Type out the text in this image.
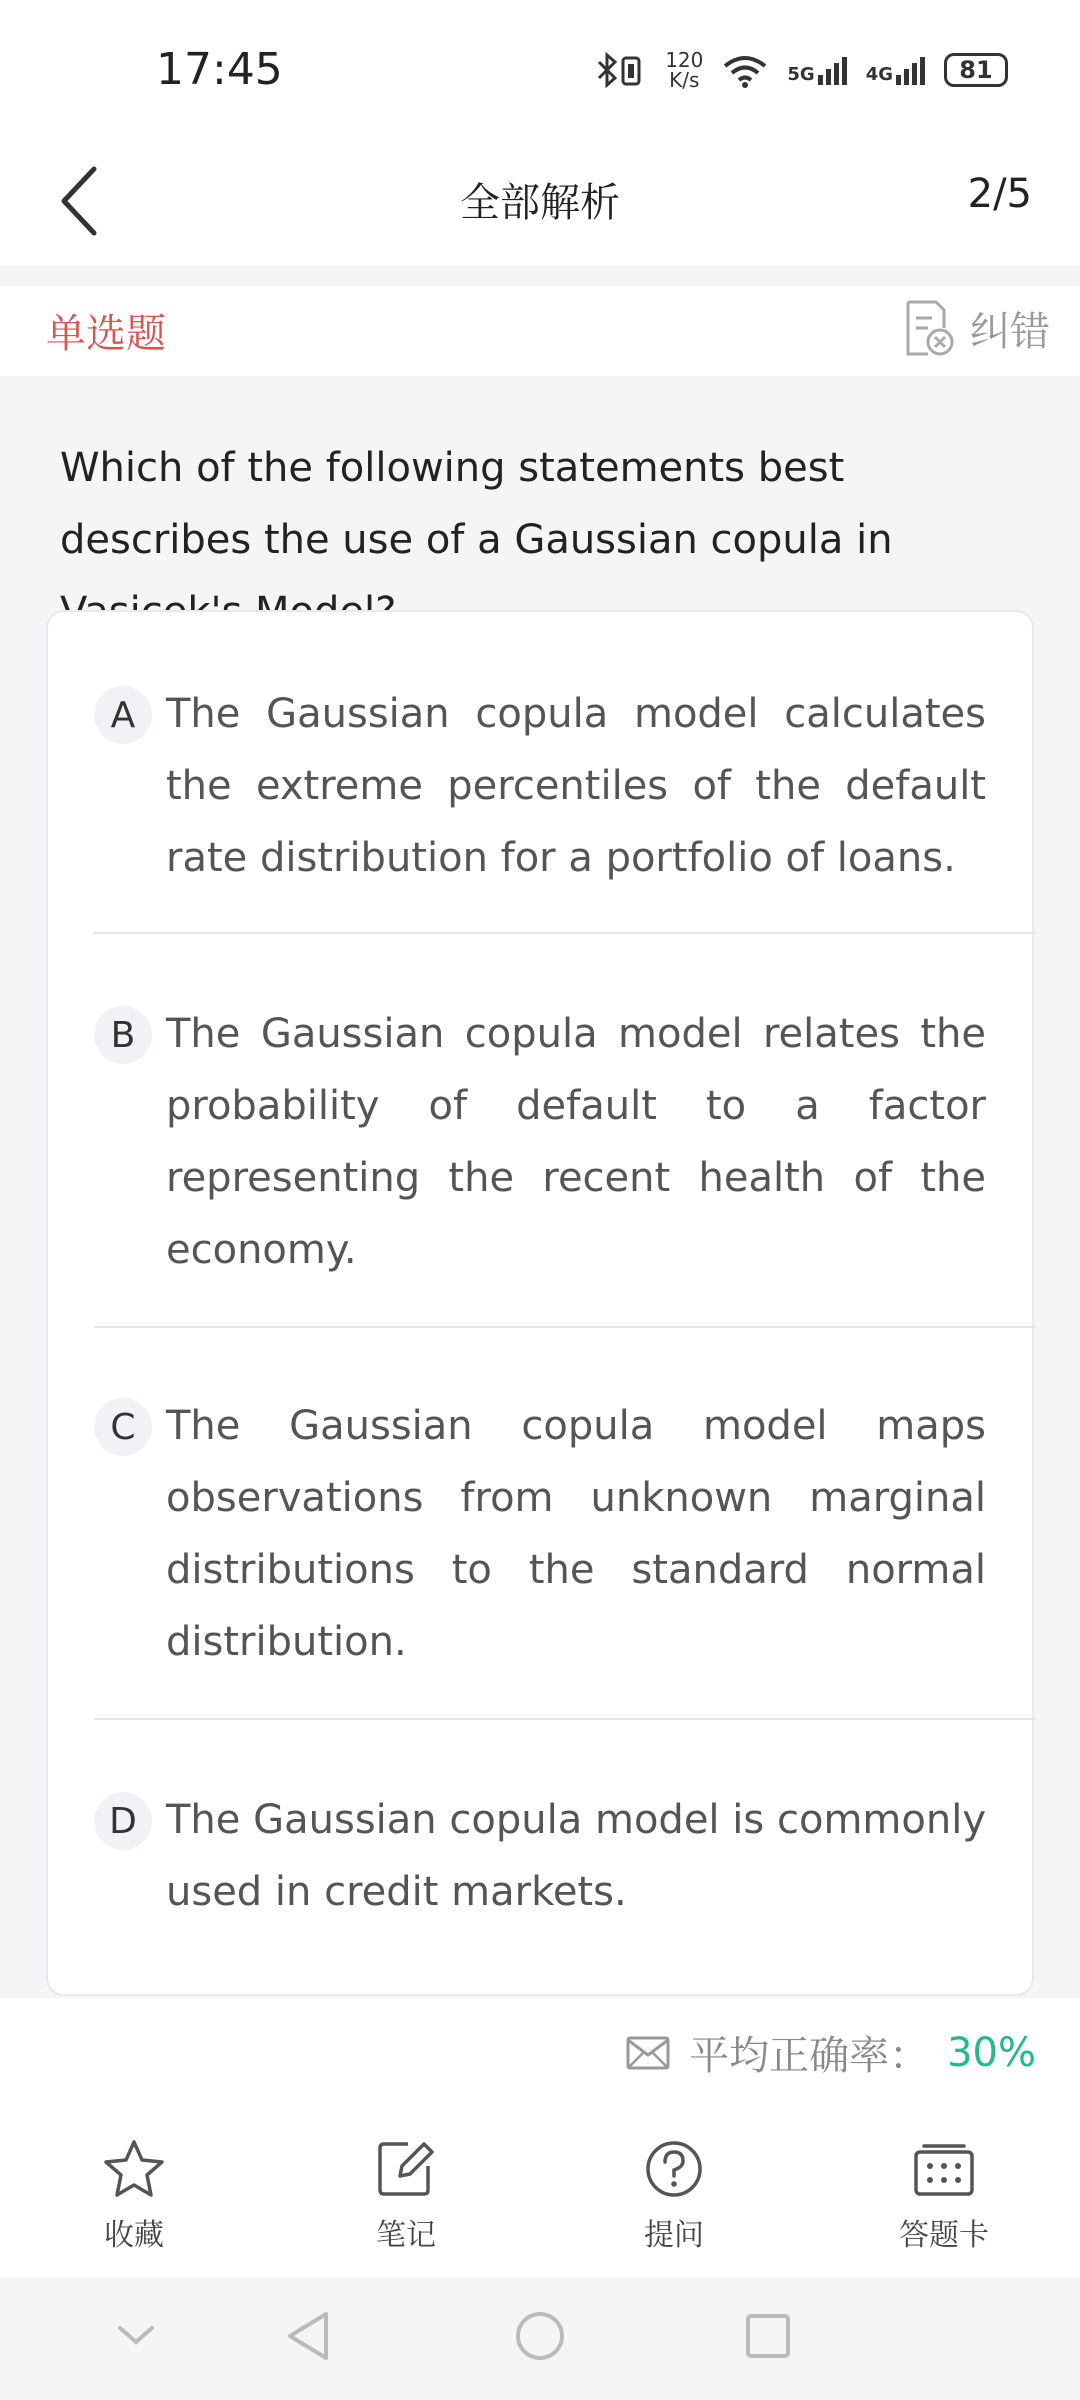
17:45	120
K/s	5G	4G	81
全部解析	2/5
单选题	纠错
Which of the following statements best describes the use of a Gaussian copula in
A The Gaussian copula model calculates the extreme percentiles of the default rate distribution for a portfolio of loans.
B The Gaussian copula model relates the probability of default to a factor representing the recent health of the economy.
C The Gaussian copula model maps observations from unknown marginal distributions to the standard normal distribution.
D The Gaussian copula model is commonly used in credit markets.
平均正确率： 30%
收藏	笔记	提问	答题卡
